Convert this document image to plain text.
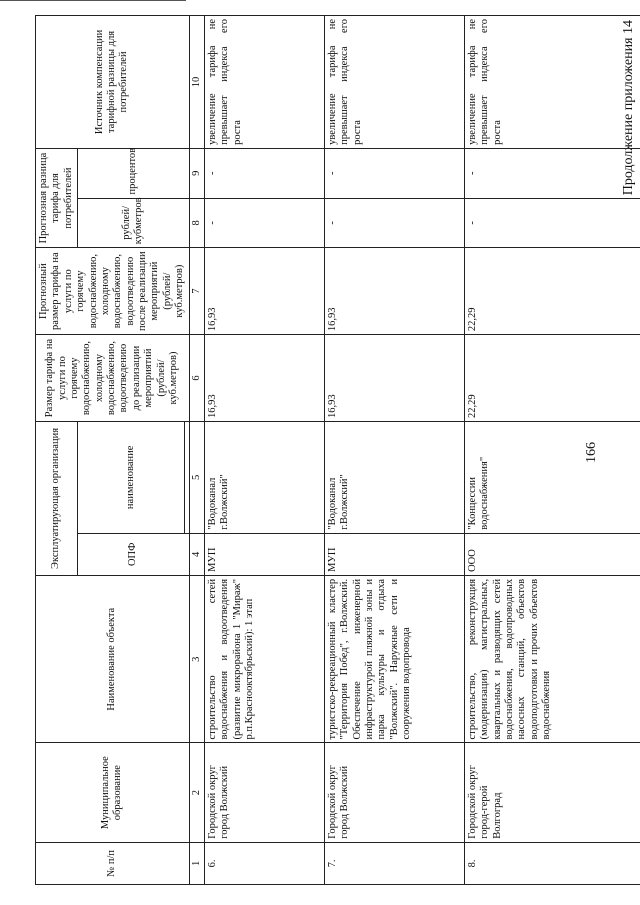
166
Продолжение приложения 14
№ п/п	Муниципальное образование	Наименование объекта	Эксплуатирующая организация		Размер тарифа на услуги по горячему водоснабжению, холодному водоснабжению, водоотведению до реализации мероприятий (рублей/ куб.метров)	Прогнозный размер тарифа на услуги по горячему водоснабжению, холодному водоснабжению, водоотведению после реализации мероприятий (рублей/ куб.метров)	Прогнозная разница тарифа для потребителей		Источник компенсации тарифной разницы для потребителей
			ОПФ	наименование			рублей/ кубметров	процентов	

1	2	3	4	5	6	7	8	9	10
6.	Городской округ город Волжский	строительство сетей водоснабжения и водоотведения (развитие микрорайона 1 "Мираж" р.п.Краснооктябрьский): 1 этап	МУП	"Водоканал г.Волжский"	16,93	16,93	-	-	увеличение тарифа не превышает индекса его роста
7.	Городской округ город Волжский	туристско-рекреационный кластер "Территория Побед", г.Волжский. Обеспечение инженерной инфраструктурой пляжной зоны и парка культуры и отдыха "Волжский". Наружные сети и сооружения водопровода	МУП	"Водоканал г.Волжский"	16,93	16,93	-	-	увеличение тарифа не превышает индекса его роста
8.	Городской округ город-герой Волгоград	строительство, реконструкция (модернизация) магистральных, квартальных и разводящих сетей водоснабжения, водопроводных насосных станций, объектов водоподготовки и прочих объектов водоснабжения	ООО	"Концессии водоснабжения"	22,29	22,29	-	-	увеличение тарифа не превышает индекса его роста
